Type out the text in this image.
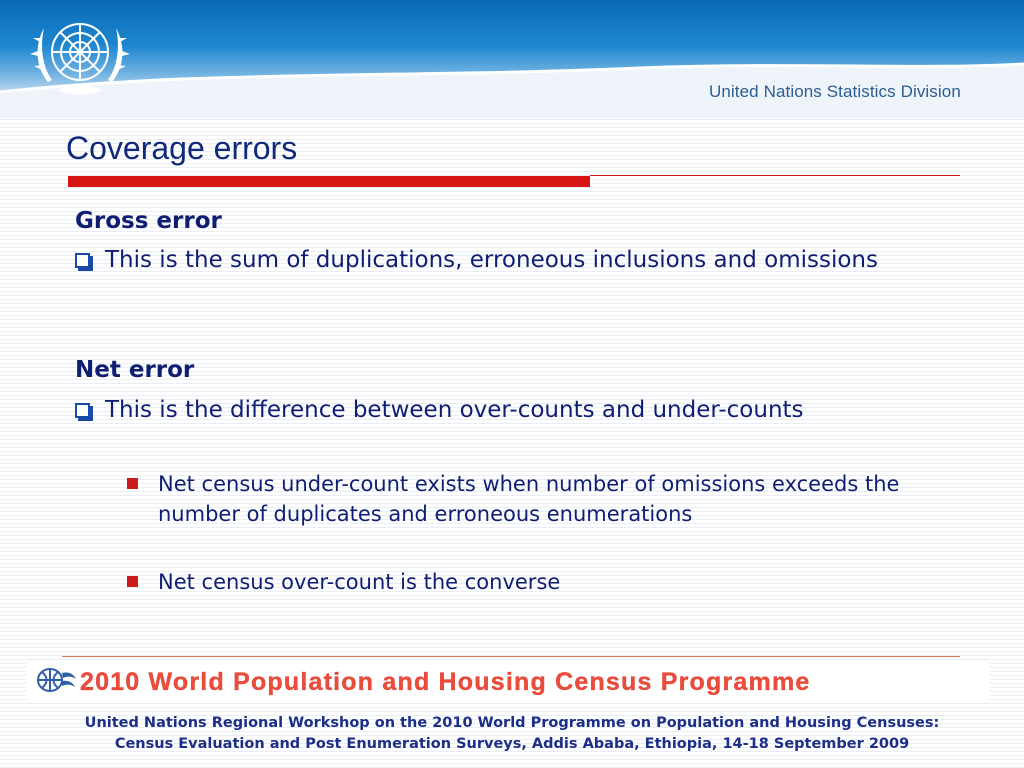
United Nations Statistics Division
Coverage errors
Gross error
This is the sum of duplications, erroneous inclusions and omissions
Net error
This is the difference between over-counts and under-counts
Net census under-count exists when number of omissions exceeds the number of duplicates and erroneous enumerations
Net census over-count is the converse
2010 World Population and Housing Census Programme
United Nations Regional Workshop on the 2010 World Programme on Population and Housing Censuses:
Census Evaluation and Post Enumeration Surveys, Addis Ababa, Ethiopia, 14-18 September 2009
